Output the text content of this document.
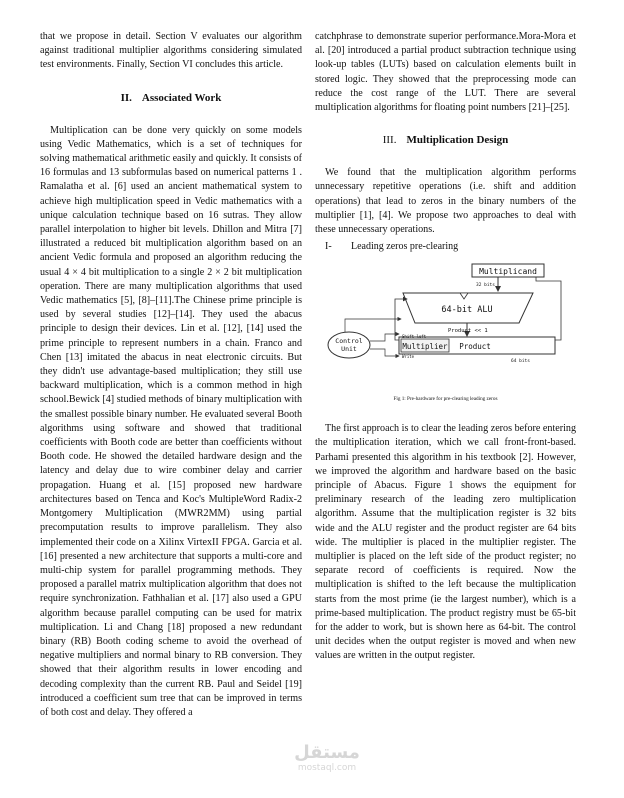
that we propose in detail. Section V evaluates our algorithm against traditional multiplier algorithms considering simulated test environments. Finally, Section VI concludes this article.

II. Associated Work

Multiplication can be done very quickly on some models using Vedic Mathematics, which is a set of techniques for solving mathematical arithmetic easily and quickly. It consists of 16 formulas and 13 subformulas based on numerical patterns 1 . Ramalatha et al. [6] used an ancient mathematical system to achieve high multiplication speed in Vedic mathematics with a unique calculation technique based on 16 sutras. They allow parallel interpolation to higher bit levels. Dhillon and Mitra [7] illustrated a reduced bit multiplication algorithm based on an ancient Vedic formula and proposed an algorithm reducing the usual 4 × 4 bit multiplication to a single 2 × 2 bit multiplication operation. There are many multiplication algorithms that used Vedic mathematics [5], [8]–[11].The Chinese prime principle is used by several studies [12]–[14]. They used the abacus principle to design their devices. Lin et al. [12], [14] used the prime principle to represent numbers in a chain. Franco and Chen [13] imitated the abacus in neat electronic circuits. But they didn't use advantage-based multiplication; they still use backward multiplication, which is a common method in high school.Bewick [4] studied methods of binary multiplication with the smallest possible binary number. He evaluated several Booth algorithms using software and showed that traditional coefficients with Booth code are better than coefficients without Booth code. He showed the detailed hardware design and the latency and delay due to wire combiner delay and carrier propagation. Huang et al. [15] proposed new hardware architectures based on Tenca and Koc's MultipleWord Radix-2 Montgomery Multiplication (MWR2MM) using partial precomputation results to improve parallelism. They also implemented their code on a Xilinx VirtexII FPGA. Garcia et al. [16] presented a new architecture that supports a multi-core and multi-chip system for parallel programming methods. They proposed a parallel matrix multiplication algorithm that does not require synchronization. Fathhalian et al. [17] also used a GPU algorithm because parallel computing can be used for matrix multiplication. Li and Chang [18] proposed a new redundant binary (RB) Booth coding scheme to avoid the overhead of negative multipliers and normal binary to RB conversion. They showed that their algorithm results in lower encoding and decoding complexity than the current RB. Paul and Seidel [19] introduced a coefficient sum tree that can be improved in terms of both cost and delay. They offered a

catchphrase to demonstrate superior performance.Mora-Mora et al. [20] introduced a partial product subtraction technique using look-up tables (LUTs) based on calculation elements built in stored logic. They showed that the preprocessing mode can reduce the cost range of the LUT. There are several multiplication algorithms for floating point numbers [21]–[25].

III. Multiplication Design

We found that the multiplication algorithm performs unnecessary repetitive operations (i.e. shift and addition operations) that lead to zeros in the binary numbers of the multiplier [1], [4]. We propose two approaches to deal with these unnecessary operations.

I- Leading zeros pre-clearing
Multiplicand
32 bits
64-bit ALU
Product << 1
Multiplier Product
Shift left
Write
64 bits
Control
Unit
Fig 1: Pre-hardware for pre-clearing leading zeros

The first approach is to clear the leading zeros before entering the multiplication iteration, which we call front-front-based. Parhami presented this algorithm in his textbook [2]. However, we improved the algorithm and hardware based on the basic principle of Abacus. Figure 1 shows the equipment for preliminary research of the leading zero multiplication algorithm. Assume that the multiplication register is 32 bits wide and the ALU register and the product register are 64 bits wide. The multiplier is placed in the multiplier register. The multiplier is placed on the left side of the product register; no separate record of coefficients is required. Now the multiplication is shifted to the left because the multiplication starts from the most prime (ie the largest number), which is a prime-based multiplication. The product registry must be 65-bit for the adder to work, but is shown here as 64-bit. The control unit decides when the output register is moved and when new values are written in the output register.

مستقل
mostaql.com
